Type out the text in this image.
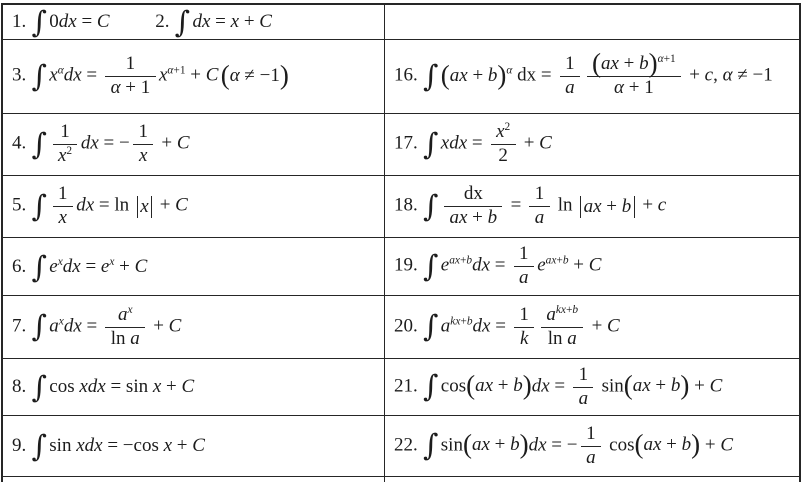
1. ∫ 0dx = C 2. ∫ dx = x + C
3. ∫ $x^\alpha dx = \frac{1}{\alpha + 1} x^{\alpha+1} + C(\alpha \ne -1)$	16. ∫(ax + b)$^\alpha$ dx = $\frac{1}{a} \frac{(ax + b)^{\alpha+1}}{\alpha + 1} + c$, α ≠ −1
4. ∫ $\frac{1}{x^2}$ dx = − $\frac{1}{x} + C$	17. ∫ xdx = $\frac{x^2}{2} + C$
5. ∫ $\frac{1}{x}$ dx = ln x + C	18. ∫ $\frac{dx}{ax + b} = \frac{1}{a}$ ln ax + b + c
6. ∫ $e^xdx = e^x + C$	19. ∫ $e^{ax+b}dx = \frac{1}{a} e^{ax+b} + C$
7. ∫ $a^xdx = \frac{a^x}{\text{ln a}} + C$	20. ∫ $a^{kx+b}dx = \frac{1}{k} \frac{a^{kx+b}}{\text{ln a}} + C$
8. ∫ cos xdx = sin x + C	21. ∫ $\cos(ax + b)dx = \frac{1}{a} \sin(ax + b) + C$
9. ∫ sin xdx = −cos x + C	22. ∫ sin(ax + b)dx = − $\frac{1}{a} \cos(ax + b) + C$
